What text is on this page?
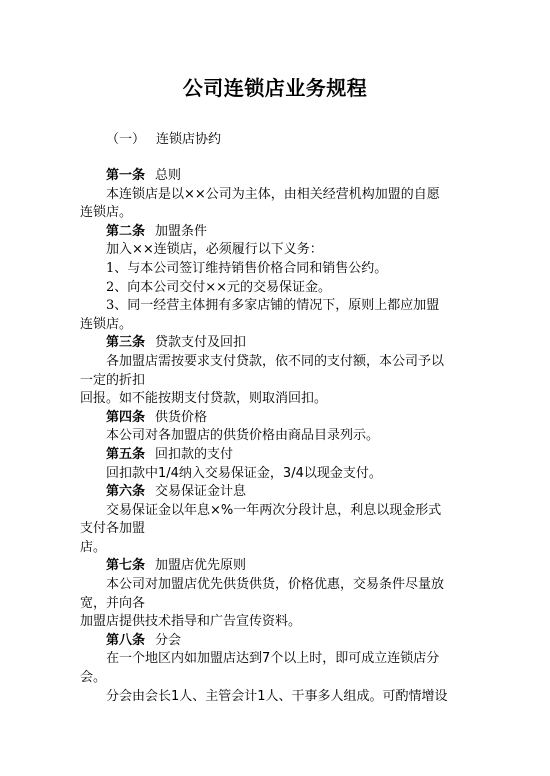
公司连锁店业务规程
（一） 连锁店协约
第一条 总则
本连锁店是以××公司为主体，由相关经营机构加盟的自愿
连锁店。
第二条 加盟条件
加入××连锁店，必须履行以下义务：
1、与本公司签订维持销售价格合同和销售公约。
2、向本公司交付××元的交易保证金。
3、同一经营主体拥有多家店铺的情况下，原则上都应加盟
连锁店。
第三条 贷款支付及回扣
各加盟店需按要求支付贷款，依不同的支付额，本公司予以
一定的折扣
回报。如不能按期支付贷款，则取消回扣。
第四条 供货价格
本公司对各加盟店的供货价格由商品目录列示。
第五条 回扣款的支付
回扣款中1/4纳入交易保证金，3/4以现金支付。
第六条 交易保证金计息
交易保证金以年息×%一年两次分段计息，利息以现金形式
支付各加盟
店。
第七条 加盟店优先原则
本公司对加盟店优先供货供货，价格优惠，交易条件尽量放
宽，并向各
加盟店提供技术指导和广告宣传资料。
第八条 分会
在一个地区内如加盟店达到7个以上时，即可成立连锁店分
会。
分会由会长1人、主管会计1人、干事多人组成。可酌情增设
